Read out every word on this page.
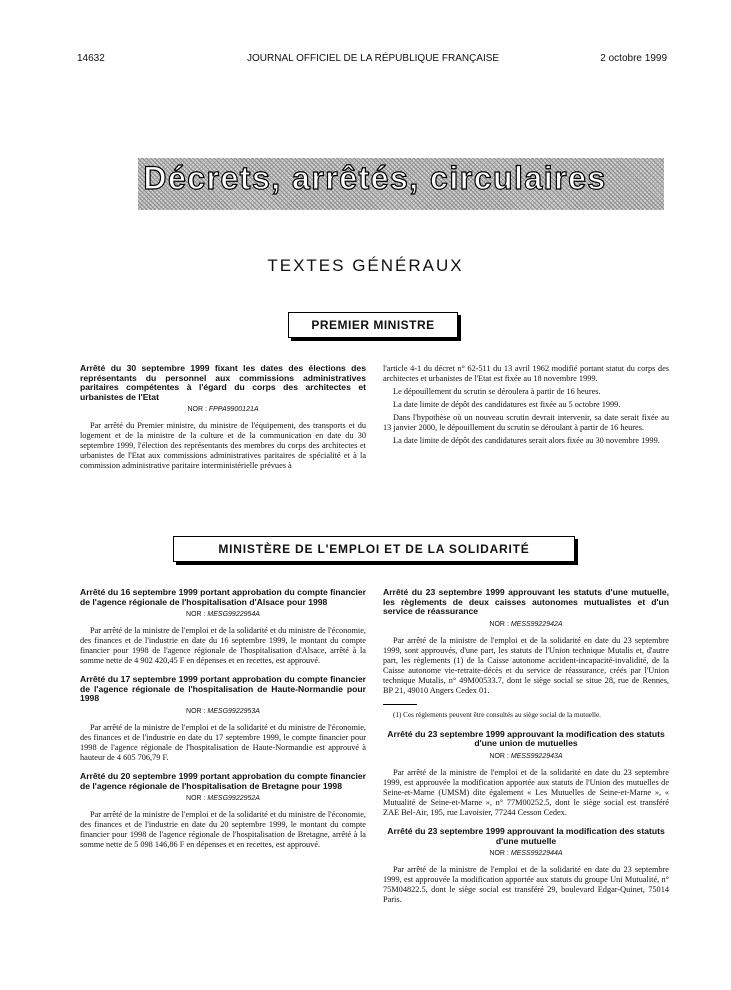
14632	JOURNAL OFFICIEL DE LA RÉPUBLIQUE FRANÇAISE	2 octobre 1999
Décrets, arrêtés, circulaires
TEXTES GÉNÉRAUX
PREMIER MINISTRE
Arrêté du 30 septembre 1999 fixant les dates des élections des représentants du personnel aux commissions administratives paritaires compétentes à l'égard du corps des architectes et urbanistes de l'Etat
NOR : FPPA9900121A

Par arrêté du Premier ministre, du ministre de l'équipement, des transports et du logement et de la ministre de la culture et de la communication en date du 30 septembre 1999, l'élection des représentants des membres du corps des architectes et urbanistes de l'Etat aux commissions administratives paritaires de spécialité et à la commission administrative paritaire interministérielle prévues à

l'article 4-1 du décret n° 62-511 du 13 avril 1962 modifié portant statut du corps des architectes et urbanistes de l'Etat est fixée au 18 novembre 1999.

Le dépouillement du scrutin se déroulera à partir de 16 heures.

La date limite de dépôt des candidatures est fixée au 5 octobre 1999.

Dans l'hypothèse où un nouveau scrutin devrait intervenir, sa date serait fixée au 13 janvier 2000, le dépouillement du scrutin se déroulant à partir de 16 heures.

La date limite de dépôt des candidatures serait alors fixée au 30 novembre 1999.

MINISTÈRE DE L'EMPLOI ET DE LA SOLIDARITÉ
Arrêté du 16 septembre 1999 portant approbation du compte financier de l'agence régionale de l'hospitalisation d'Alsace pour 1998
NOR : MESG9922954A

Par arrêté de la ministre de l'emploi et de la solidarité et du ministre de l'économie, des finances et de l'industrie en date du 16 septembre 1999, le montant du compte financier pour 1998 de l'agence régionale de l'hospitalisation d'Alsace, arrêté à la somme nette de 4 902 420,45 F en dépenses et en recettes, est approuvé.

Arrêté du 17 septembre 1999 portant approbation du compte financier de l'agence régionale de l'hospitalisation de Haute-Normandie pour 1998
NOR : MESG9922953A

Par arrêté de la ministre de l'emploi et de la solidarité et du ministre de l'économie, des finances et de l'industrie en date du 17 septembre 1999, le compte financier pour 1998 de l'agence régionale de l'hospitalisation de Haute-Normandie est approuvé à hauteur de 4 605 706,79 F.

Arrêté du 20 septembre 1999 portant approbation du compte financier de l'agence régionale de l'hospitalisation de Bretagne pour 1998
NOR : MESG9922952A

Par arrêté de la ministre de l'emploi et de la solidarité et du ministre de l'économie, des finances et de l'industrie en date du 20 septembre 1999, le montant du compte financier pour 1998 de l'agence régionale de l'hospitalisation de Bretagne, arrêté à la somme nette de 5 098 146,86 F en dépenses et en recettes, est approuvé.

Arrêté du 23 septembre 1999 approuvant les statuts d'une mutuelle, les règlements de deux caisses autonomes mutualistes et d'un service de réassurance
NOR : MESS9922942A

Par arrêté de la ministre de l'emploi et de la solidarité en date du 23 septembre 1999, sont approuvés, d'une part, les statuts de l'Union technique Mutalis et, d'autre part, les règlements (1) de la Caisse autonome accident-incapacité-invalidité, de la Caisse autonome vie-retraite-décès et du service de réassurance, créés par l'Union technique Mutalis, n° 49M00533.7, dont le siège social se situe 28, rue de Rennes, BP 21, 49010 Angers Cedex 01.

(1) Ces règlements peuvent être consultés au siège social de la mutuelle.
Arrêté du 23 septembre 1999 approuvant la modification des statuts d'une union de mutuelles
NOR : MESS9922943A

Par arrêté de la ministre de l'emploi et de la solidarité en date du 23 septembre 1999, est approuvée la modification apportée aux statuts de l'Union des mutuelles de Seine-et-Marne (UMSM) dite également « Les Mutuelles de Seine-et-Marne », « Mutualité de Seine-et-Marne », n° 77M00252.5, dont le siège social est transféré ZAE Bel-Air, 195, rue Lavoisier, 77244 Cesson Cedex.

Arrêté du 23 septembre 1999 approuvant la modification des statuts d'une mutuelle
NOR : MESS9922944A

Par arrêté de la ministre de l'emploi et de la solidarité en date du 23 septembre 1999, est approuvée la modification apportée aux statuts du groupe Uni Mutualité, n° 75M04822.5, dont le siège social est transféré 29, boulevard Edgar-Quinet, 75014 Paris.
